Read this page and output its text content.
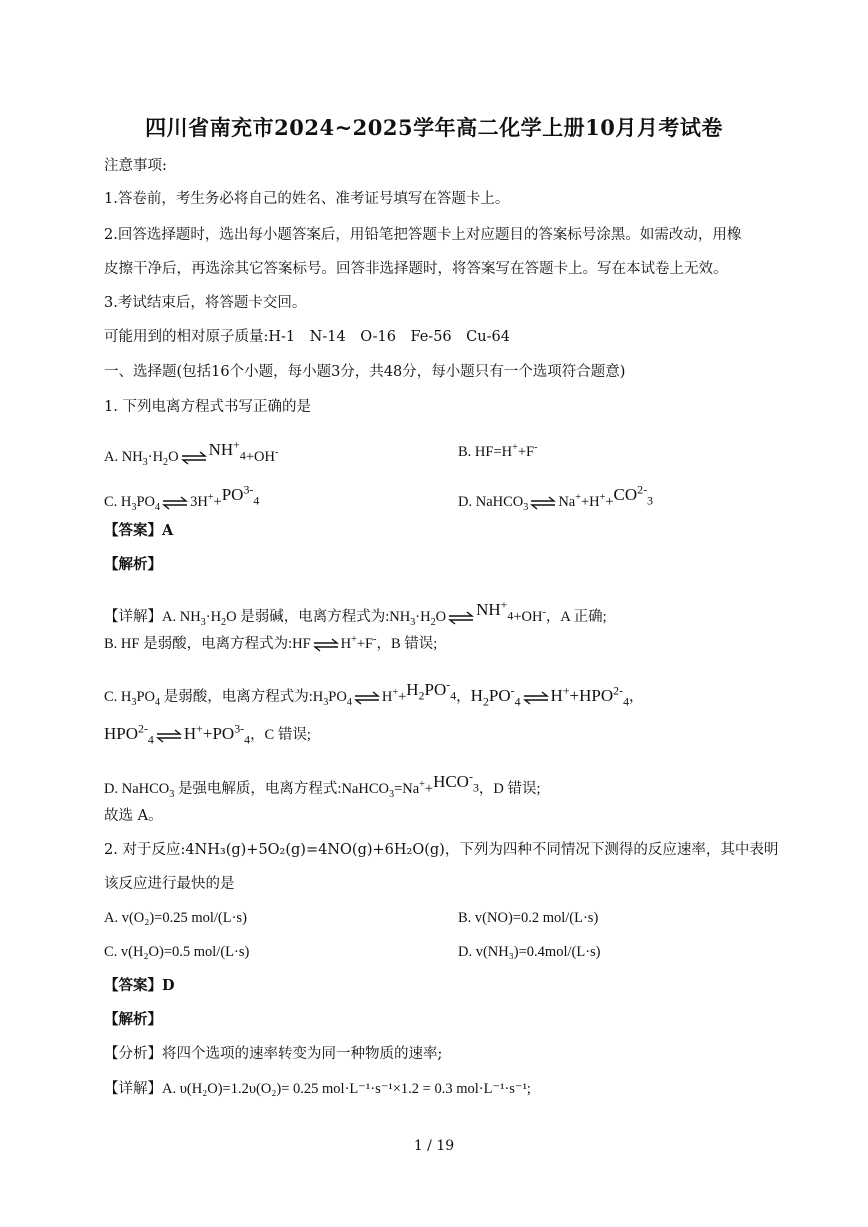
四川省南充市2024~2025学年高二化学上册10月月考试卷
注意事项:
1.答卷前，考生务必将自己的姓名、准考证号填写在答题卡上。
2.回答选择题时，选出每小题答案后，用铅笔把答题卡上对应题目的答案标号涂黑。如需改动，用橡
皮擦干净后，再选涂其它答案标号。回答非选择题时，将答案写在答题卡上。写在本试卷上无效。
3.考试结束后，将答题卡交回。
可能用到的相对原子质量:H-1　N-14　O-16　Fe-56　Cu-64
一、选择题(包括16个小题，每小题3分，共48分，每小题只有一个选项符合题意)
1. 下列电离方程式书写正确的是
A. $NH_3\cdot H_2O$ ⇌ $NH^+_4+OH^-$	B. HF=H++F-
C. $H_3PO_4$ ⇌ $3H^++PO^{3-}_4$	D. NaHCO$_3$ ⇌ $Na^++H^++CO^{2-}_3$
【答案】A
【解析】
【详解】A. $NH_3\cdot H_2O$ 是弱碱，电离方程式为$:NH_3\cdot H_2O$ ⇌ $NH^+_4+OH^-$，A 正确;
B. HF 是弱酸，电离方程式为:HF ⇌ H++F-，B 错误;
C. $H_3PO_4$ 是弱酸，电离方程式为$:H_3PO_4$ ⇌ $H^++H_2PO^-_4$，$H_2PO^-_4$ ⇌ $H^++HPO^{2-}_4$，
$HPO^{2-}_4$ ⇌ $H^++PO^{3-}_4$，C 错误;
D. NaHCO$_3$ 是强电解质，电离方程式$:NaHCO_3=Na^++HCO^-_3$，D 错误;
故选 A。
2. 对于反应:4NH₃(g)+5O₂(g)=4NO(g)+6H₂O(g)，下列为四种不同情况下测得的反应速率，其中表明
该反应进行最快的是
A. v(O₂)=0.25 mol/(L·s)	B. v(NO)=0.2 mol/(L·s)
C. v(H₂O)=0.5 mol/(L·s)	D. v(NH₃)=0.4mol/(L·s)
【答案】D
【解析】
【分析】将四个选项的速率转变为同一种物质的速率;
【详解】A. υ(H₂O)=1.2υ(O₂)= 0.25 mol·L⁻¹·s⁻¹×1.2 = 0.3 mol·L⁻¹·s⁻¹;
1 / 19
